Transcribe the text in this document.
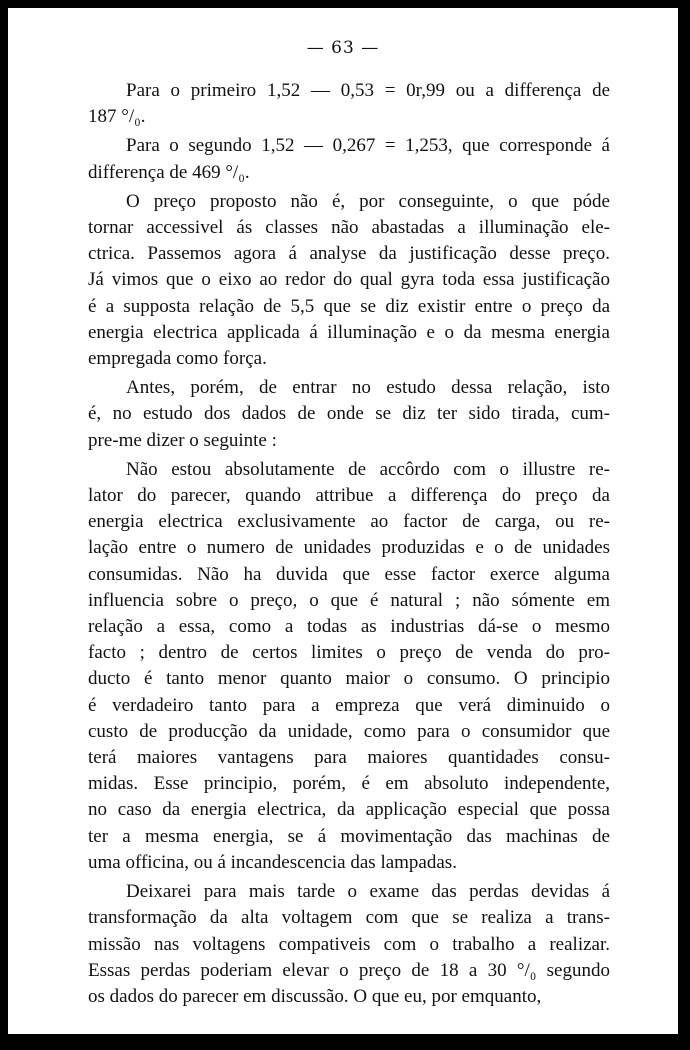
— 63 —
Para o primeiro 1,52 — 0,53 = 0r,99 ou a differença de
187 °/₀.
Para o segundo 1,52 — 0,267 = 1,253, que corresponde á
differença de 469 °/₀.
O preço proposto não é, por conseguinte, o que póde
tornar accessivel ás classes não abastadas a illuminação ele-
ctrica. Passemos agora á analyse da justificação desse preço.
Já vimos que o eixo ao redor do qual gyra toda essa justificação
é a supposta relação de 5,5 que se diz existir entre o preço da
energia electrica applicada á illuminação e o da mesma energia
empregada como força.
Antes, porém, de entrar no estudo dessa relação, isto
é, no estudo dos dados de onde se diz ter sido tirada, cum-
pre-me dizer o seguinte :
Não estou absolutamente de accôrdo com o illustre re-
lator do parecer, quando attribue a differença do preço da
energia electrica exclusivamente ao factor de carga, ou re-
lação entre o numero de unidades produzidas e o de unidades
consumidas. Não ha duvida que esse factor exerce alguma
influencia sobre o preço, o que é natural ; não sómente em
relação a essa, como a todas as industrias dá-se o mesmo
facto ; dentro de certos limites o preço de venda do pro-
ducto é tanto menor quanto maior o consumo. O principio
é verdadeiro tanto para a empreza que verá diminuido o
custo de producção da unidade, como para o consumidor que
terá maiores vantagens para maiores quantidades consu-
midas. Esse principio, porém, é em absoluto independente,
no caso da energia electrica, da applicação especial que possa
ter a mesma energia, se á movimentação das machinas de
uma officina, ou á incandescencia das lampadas.
Deixarei para mais tarde o exame das perdas devidas á
transformação da alta voltagem com que se realiza a trans-
missão nas voltagens compativeis com o trabalho a realizar.
Essas perdas poderiam elevar o preço de 18 a 30 °/₀ segundo
os dados do parecer em discussão. O que eu, por emquanto,
